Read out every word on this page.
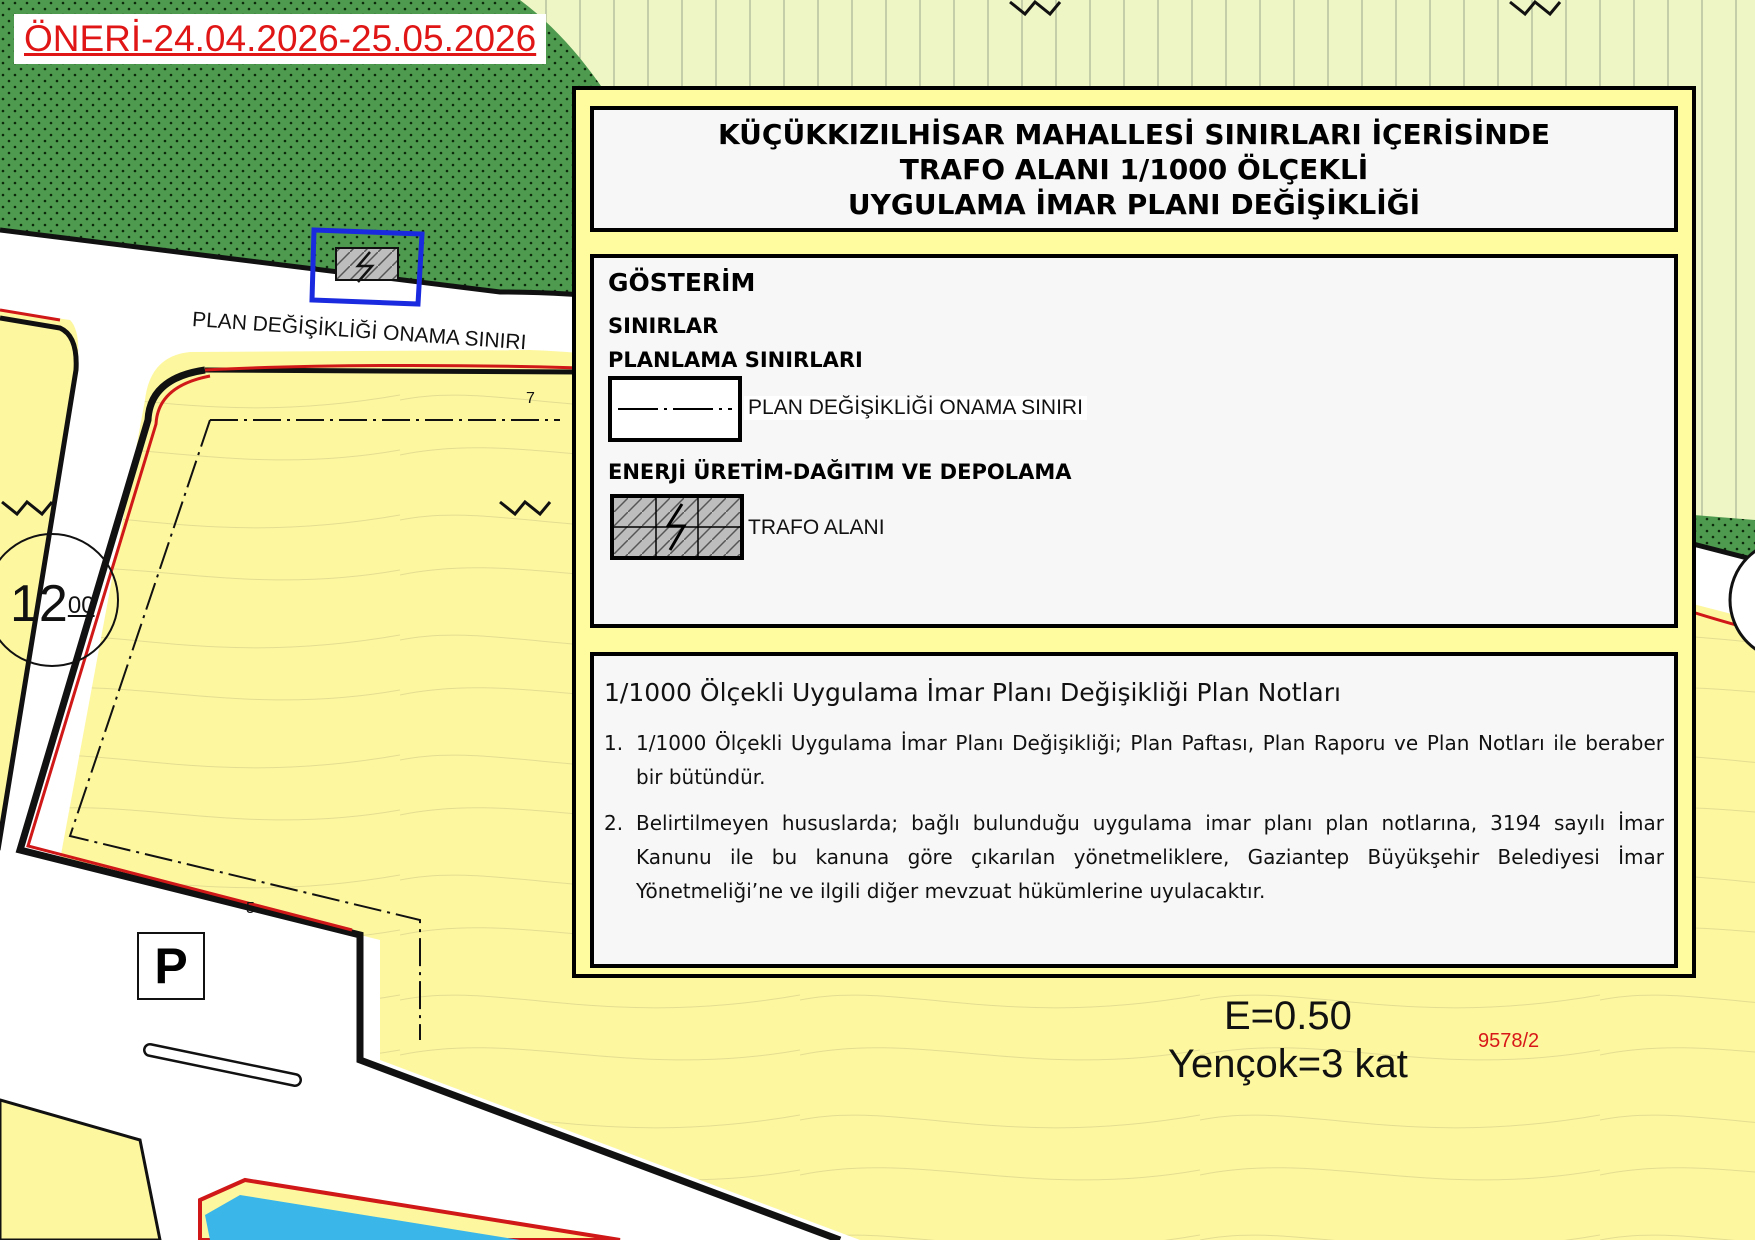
ÖNERİ-24.04.2026-25.05.2026
PLAN DEĞİŞİKLİĞİ ONAMA SINIRI
$12^{00}$
7
5
P
E=0.50
Yençok=3 kat
9578/2
KÜÇÜKKIZILHİSAR MAHALLESİ SINIRLARI İÇERİSİNDE
TRAFO ALANI 1/1000 ÖLÇEKLİ
UYGULAMA İMAR PLANI DEĞİŞİKLİĞİ
GÖSTERİM
SINIRLAR
PLANLAMA SINIRLARI
PLAN DEĞİŞİKLİĞİ ONAMA SINIRI
ENERJİ ÜRETİM-DAĞITIM VE DEPOLAMA
TRAFO ALANI
1/1000 Ölçekli Uygulama İmar Planı Değişikliği Plan Notları
1. 1/1000 Ölçekli Uygulama İmar Planı Değişikliği; Plan Paftası, Plan Raporu ve Plan Notları ile beraber bir bütündür.
2. Belirtilmeyen hususlarda; bağlı bulunduğu uygulama imar planı plan notlarına, 3194 sayılı İmar Kanunu ile bu kanuna göre çıkarılan yönetmeliklere, Gaziantep Büyükşehir Belediyesi İmar Yönetmeliği’ne ve ilgili diğer mevzuat hükümlerine uyulacaktır.
